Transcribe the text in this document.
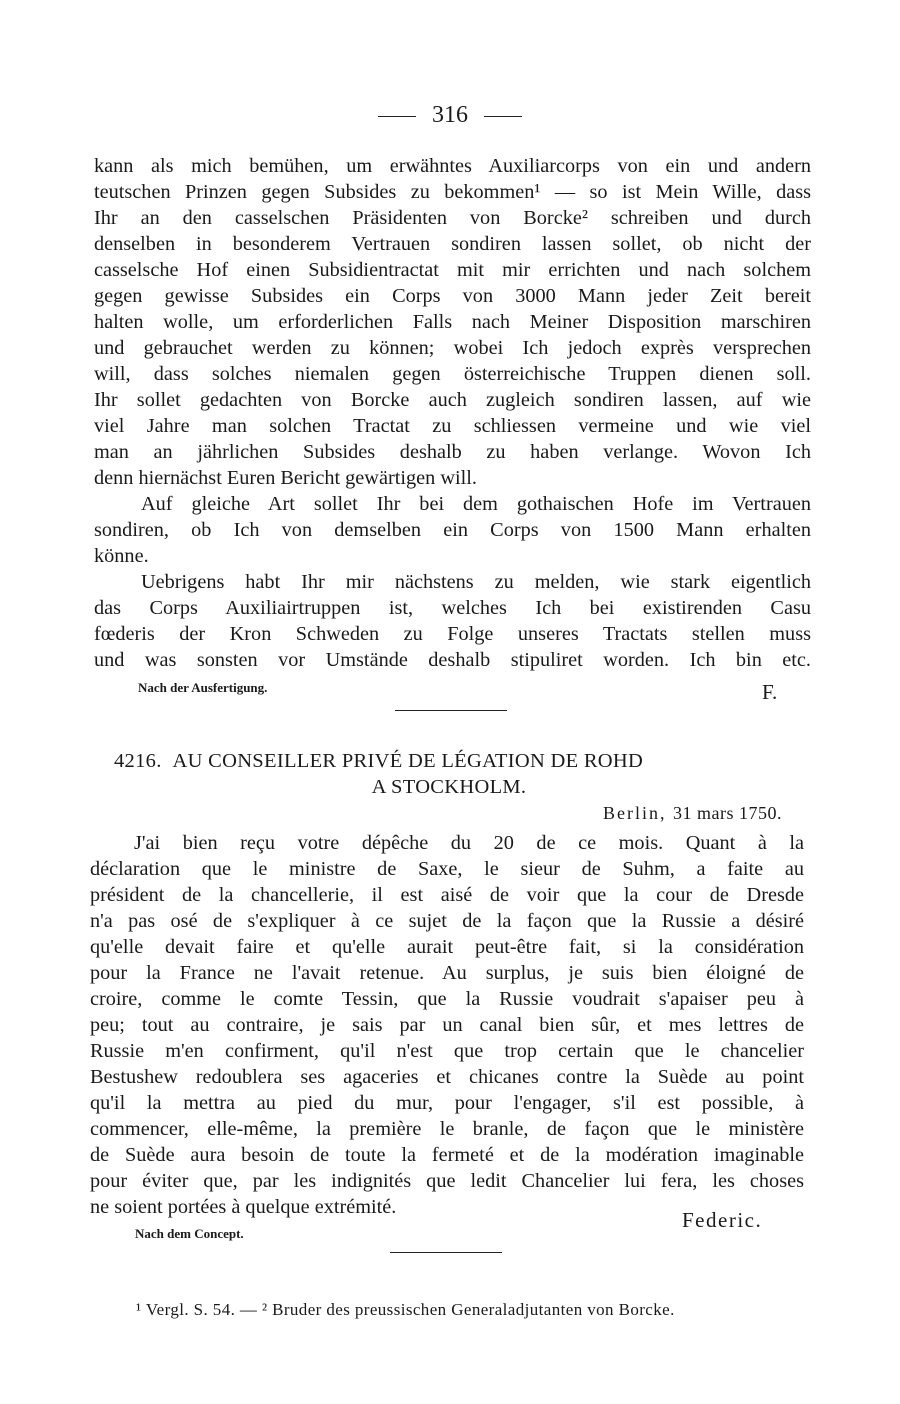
316
kann als mich bemühen, um erwähntes Auxiliarcorps von ein und andern
teutschen Prinzen gegen Subsides zu bekommen¹ — so ist Mein Wille, dass
Ihr an den casselschen Präsidenten von Borcke² schreiben und durch
denselben in besonderem Vertrauen sondiren lassen sollet, ob nicht der
casselsche Hof einen Subsidientractat mit mir errichten und nach solchem
gegen gewisse Subsides ein Corps von 3000 Mann jeder Zeit bereit
halten wolle, um erforderlichen Falls nach Meiner Disposition marschiren
und gebrauchet werden zu können; wobei Ich jedoch exprès versprechen
will, dass solches niemalen gegen österreichische Truppen dienen soll.
Ihr sollet gedachten von Borcke auch zugleich sondiren lassen, auf wie
viel Jahre man solchen Tractat zu schliessen vermeine und wie viel
man an jährlichen Subsides deshalb zu haben verlange. Wovon Ich
denn hiernächst Euren Bericht gewärtigen will.
Auf gleiche Art sollet Ihr bei dem gothaischen Hofe im Vertrauen
sondiren, ob Ich von demselben ein Corps von 1500 Mann erhalten
könne.
Uebrigens habt Ihr mir nächstens zu melden, wie stark eigentlich
das Corps Auxiliairtruppen ist, welches Ich bei existirenden Casu
fœderis der Kron Schweden zu Folge unseres Tractats stellen muss
und was sonsten vor Umstände deshalb stipuliret worden. Ich bin etc.
Nach der Ausfertigung.	F.
4216. AU CONSEILLER PRIVÉ DE LÉGATION DE ROHD
A STOCKHOLM.
Berlin, 31 mars 1750.
J'ai bien reçu votre dépêche du 20 de ce mois. Quant à la
déclaration que le ministre de Saxe, le sieur de Suhm, a faite au
président de la chancellerie, il est aisé de voir que la cour de Dresde
n'a pas osé de s'expliquer à ce sujet de la façon que la Russie a désiré
qu'elle devait faire et qu'elle aurait peut-être fait, si la considération
pour la France ne l'avait retenue. Au surplus, je suis bien éloigné de
croire, comme le comte Tessin, que la Russie voudrait s'apaiser peu à
peu; tout au contraire, je sais par un canal bien sûr, et mes lettres de
Russie m'en confirment, qu'il n'est que trop certain que le chancelier
Bestushew redoublera ses agaceries et chicanes contre la Suède au point
qu'il la mettra au pied du mur, pour l'engager, s'il est possible, à
commencer, elle-même, la première le branle, de façon que le ministère
de Suède aura besoin de toute la fermeté et de la modération imaginable
pour éviter que, par les indignités que ledit Chancelier lui fera, les choses
ne soient portées à quelque extrémité.
Federic.
Nach dem Concept.
¹ Vergl. S. 54. — ² Bruder des preussischen Generaladjutanten von Borcke.
